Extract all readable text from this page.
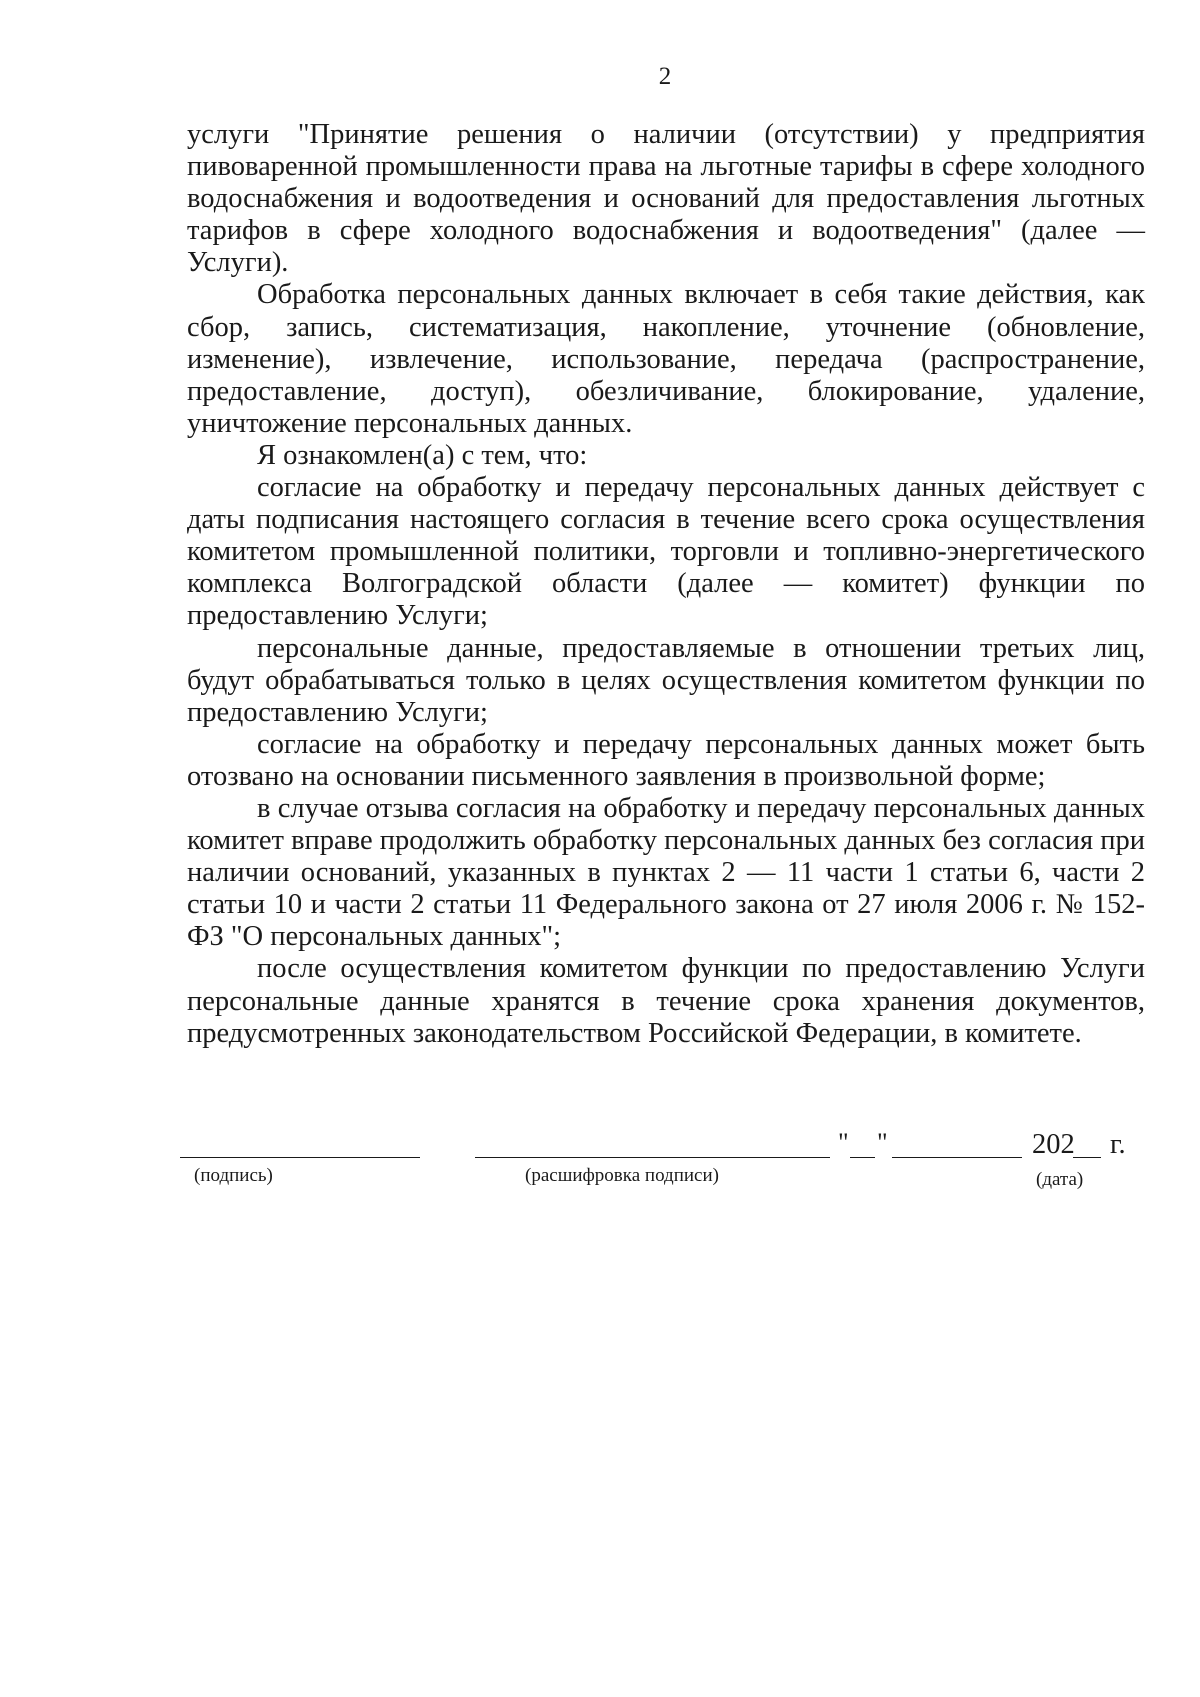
2

услуги "Принятие решения о наличии (отсутствии) у предприятия пивоваренной промышленности права на льготные тарифы в сфере холодного водоснабжения и водоотведения и оснований для предоставления льготных тарифов в сфере холодного водоснабжения и водоотведения" (далее — Услуги).

Обработка персональных данных включает в себя такие действия, как сбор, запись, систематизация, накопление, уточнение (обновление, изменение), извлечение, использование, передача (распространение, предоставление, доступ), обезличивание, блокирование, удаление, уничтожение персональных данных.

Я ознакомлен(а) с тем, что:

согласие на обработку и передачу персональных данных действует с даты подписания настоящего согласия в течение всего срока осуществления комитетом промышленной политики, торговли и топливно-энергетического комплекса Волгоградской области (далее — комитет) функции по предоставлению Услуги;

персональные данные, предоставляемые в отношении третьих лиц, будут обрабатываться только в целях осуществления комитетом функции по предоставлению Услуги;

согласие на обработку и передачу персональных данных может быть отозвано на основании письменного заявления в произвольной форме;

в случае отзыва согласия на обработку и передачу персональных данных комитет вправе продолжить обработку персональных данных без согласия при наличии оснований, указанных в пунктах 2 — 11 части 1 статьи 6, части 2 статьи 10 и части 2 статьи 11 Федерального закона от 27 июля 2006 г. № 152-ФЗ "О персональных данных";

после осуществления комитетом функции по предоставлению Услуги персональные данные хранятся в течение срока хранения документов, предусмотренных законодательством Российской Федерации, в комитете.

" "	202 г.
(подпись)	(расшифровка подписи)	(дата)
